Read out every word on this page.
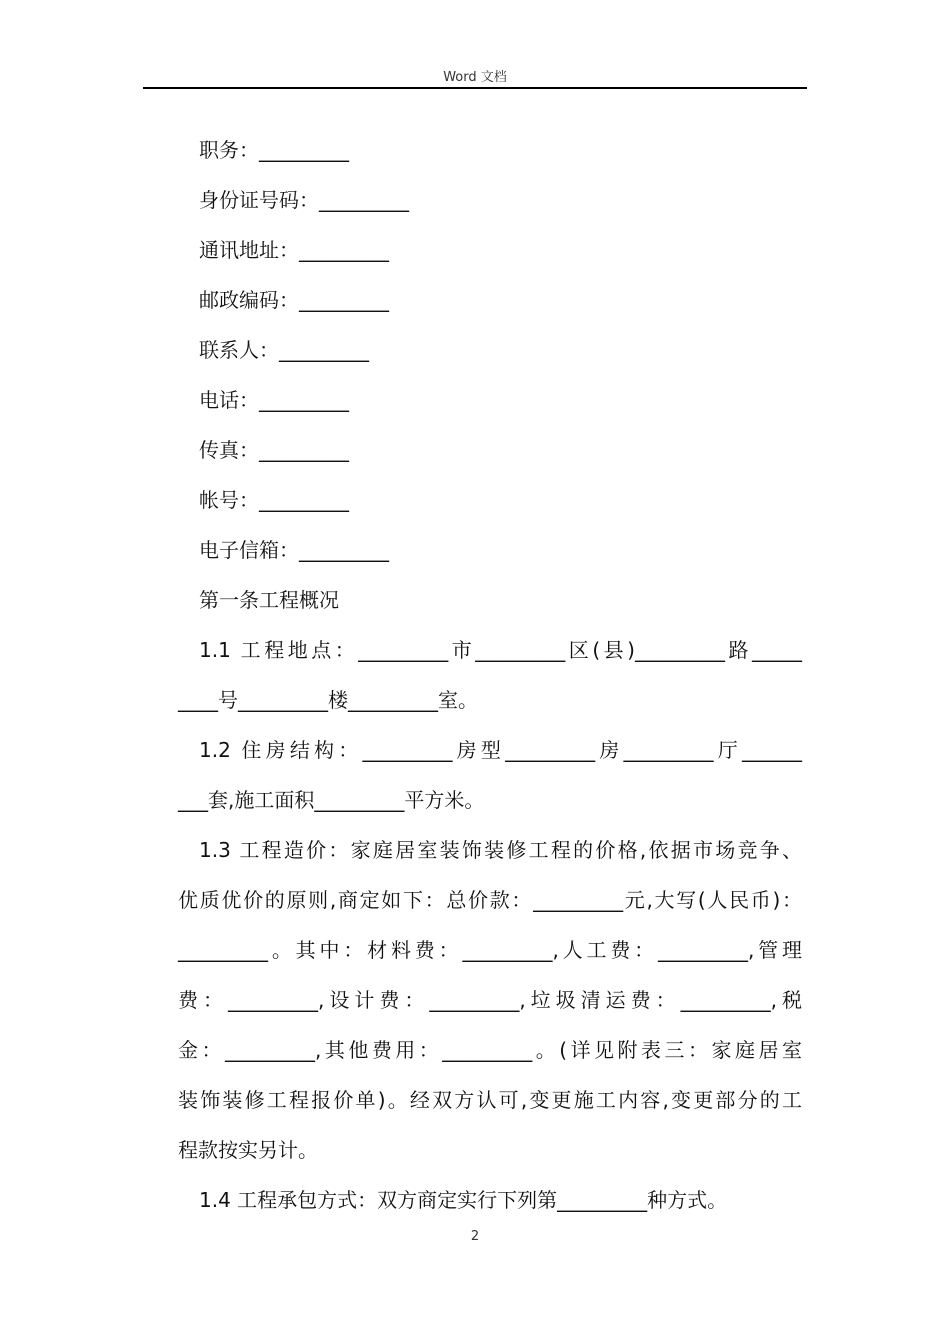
Word 文档
职务：_________
身份证号码：_________
通讯地址：_________
邮政编码：_________
联系人：_________
电话：_________
传真：_________
帐号：_________
电子信箱：_________
第一条工程概况
1.1 工程地点：_________市_________区(县)_________路_____
____号_________楼_________室。
1.2 住房结构：_________房型_________房_________厅______
___套,施工面积_________平方米。
1.3 工程造价：家庭居室装饰装修工程的价格,依据市场竞争、
优质优价的原则,商定如下：总价款：_________元,大写(人民币)：
_________。其中：材料费：_________,人工费：_________,管理
费：_________,设计费：_________,垃圾清运费：_________,税
金：_________,其他费用：_________。(详见附表三：家庭居室
装饰装修工程报价单)。经双方认可,变更施工内容,变更部分的工
程款按实另计。
1.4 工程承包方式：双方商定实行下列第_________种方式。
2
